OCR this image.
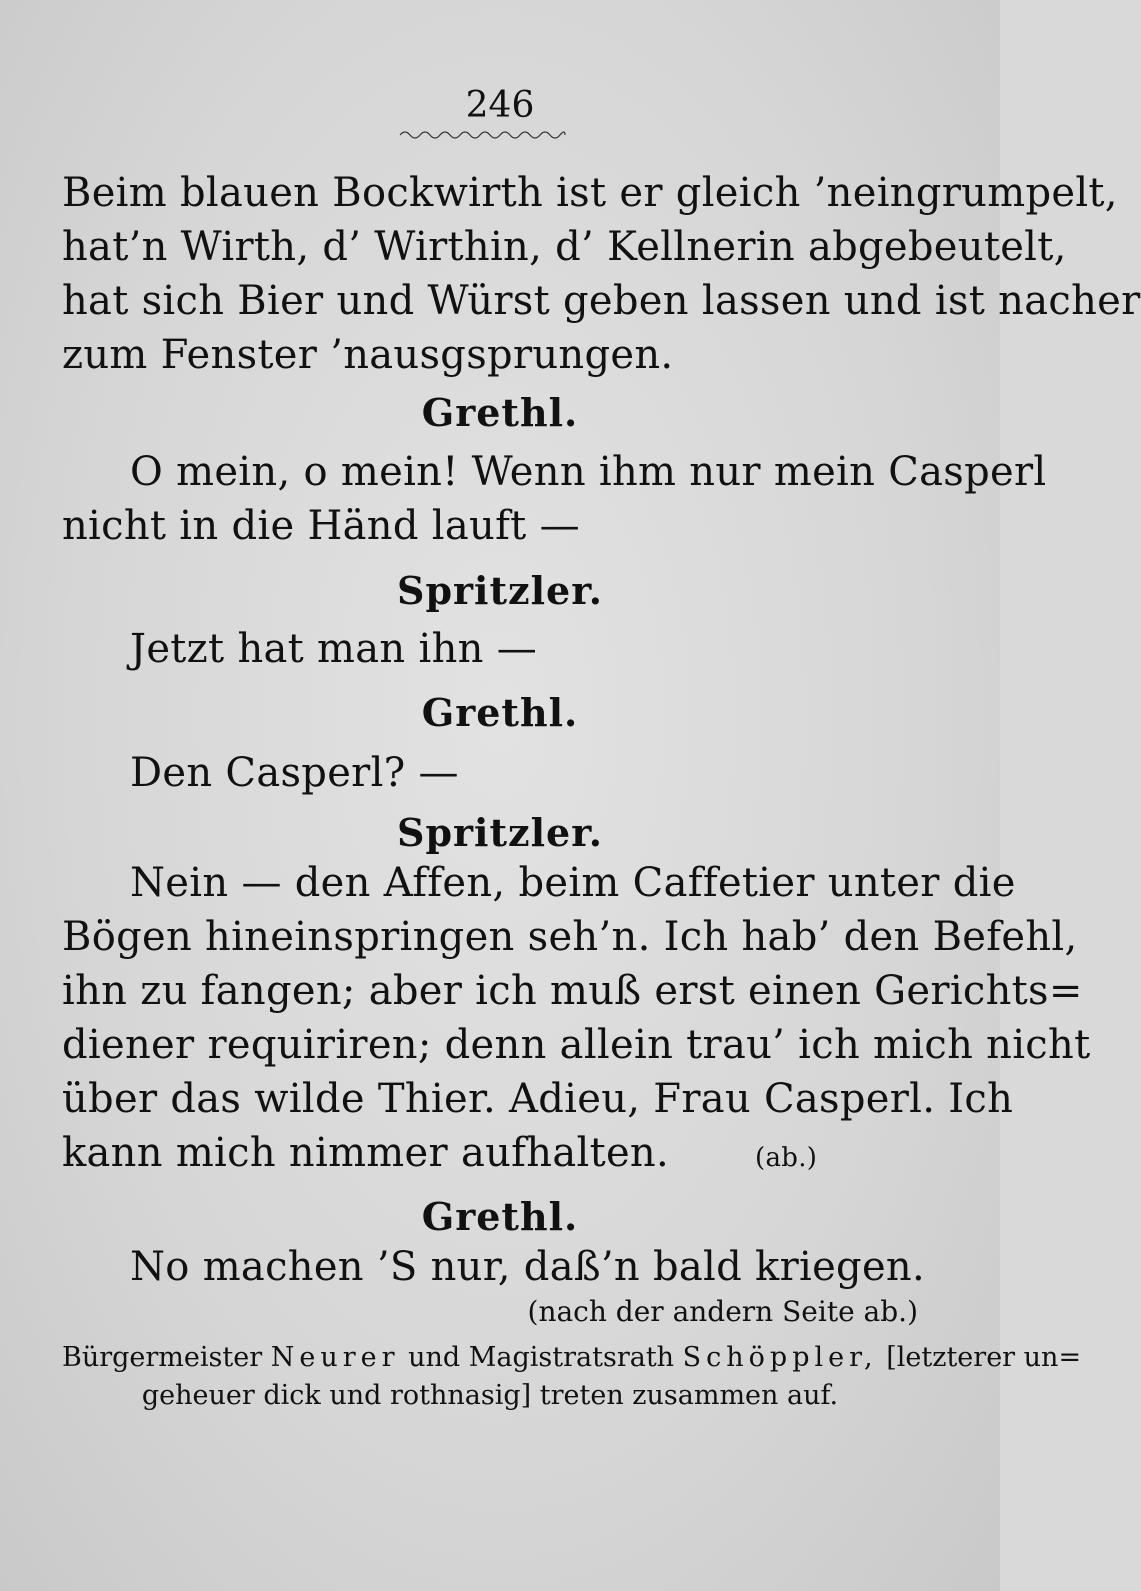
246
Beim blauen Bockwirth ist er gleich ’neingrumpelt,
hat’n Wirth, d’ Wirthin, d’ Kellnerin abgebeutelt,
hat sich Bier und Würst geben lassen und ist nacher
zum Fenster ’nausgsprungen.
Grethl.
O mein, o mein! Wenn ihm nur mein Casperl
nicht in die Händ lauft —
Spritzler.
Jetzt hat man ihn —
Grethl.
Den Casperl? —
Spritzler.
Nein — den Affen, beim Caffetier unter die
Bögen hineinspringen seh’n. Ich hab’ den Befehl,
ihn zu fangen; aber ich muß erst einen Gerichts=
diener requiriren; denn allein trau’ ich mich nicht
über das wilde Thier. Adieu, Frau Casperl. Ich
kann mich nimmer aufhalten.	(ab.)
Grethl.
No machen ’S nur, daß’n bald kriegen.
(nach der andern Seite ab.)
Bürgermeister Neurer und Magistratsrath Schöppler, [letzterer un=
geheuer dick und rothnasig] treten zusammen auf.
